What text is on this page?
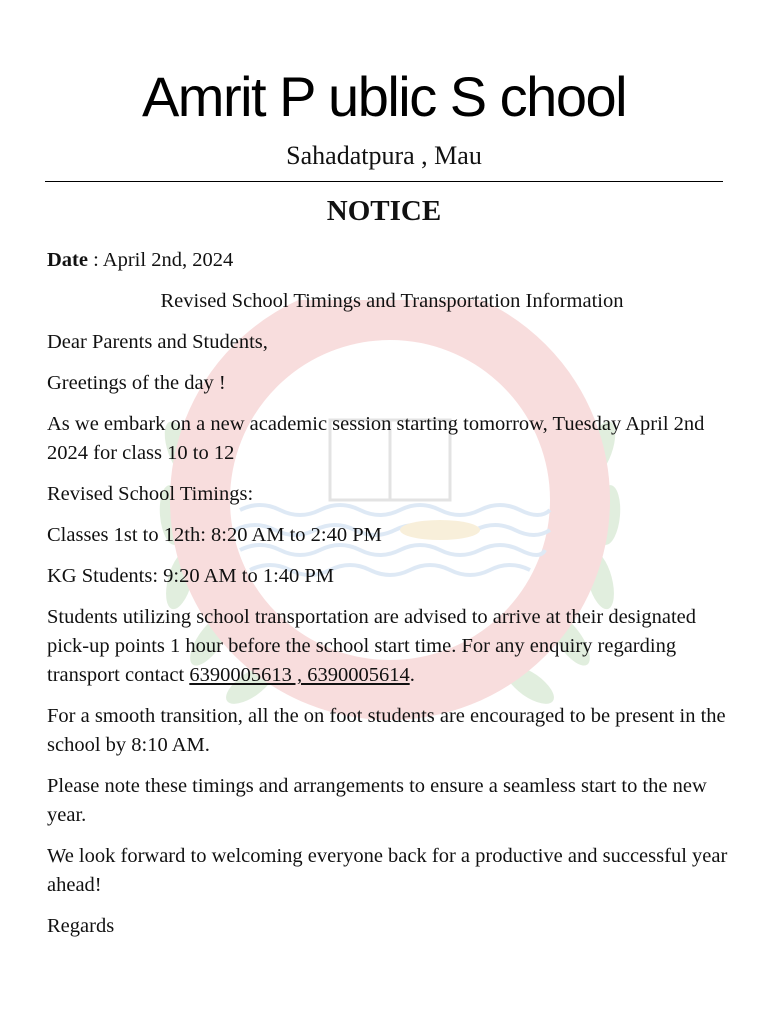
Amrit P ublic S chool
Sahadatpura , Mau
NOTICE

Date : April 2nd, 2024

Revised School Timings and Transportation Information

Dear Parents and Students,

Greetings of the day !

As we embark on a new academic session starting tomorrow, Tuesday April 2nd 2024 for class 10 to 12

Revised School Timings:

Classes 1st to 12th: 8:20 AM to 2:40 PM

KG Students: 9:20 AM to 1:40 PM

Students utilizing school transportation are advised to arrive at their designated pick-up points 1 hour before the school start time. For any enquiry regarding transport contact 6390005613 , 6390005614.

For a smooth transition, all the on foot students are encouraged to be present in the school by 8:10 AM.

Please note these timings and arrangements to ensure a seamless start to the new year.

We look forward to welcoming everyone back for a productive and successful year ahead!

Regards
